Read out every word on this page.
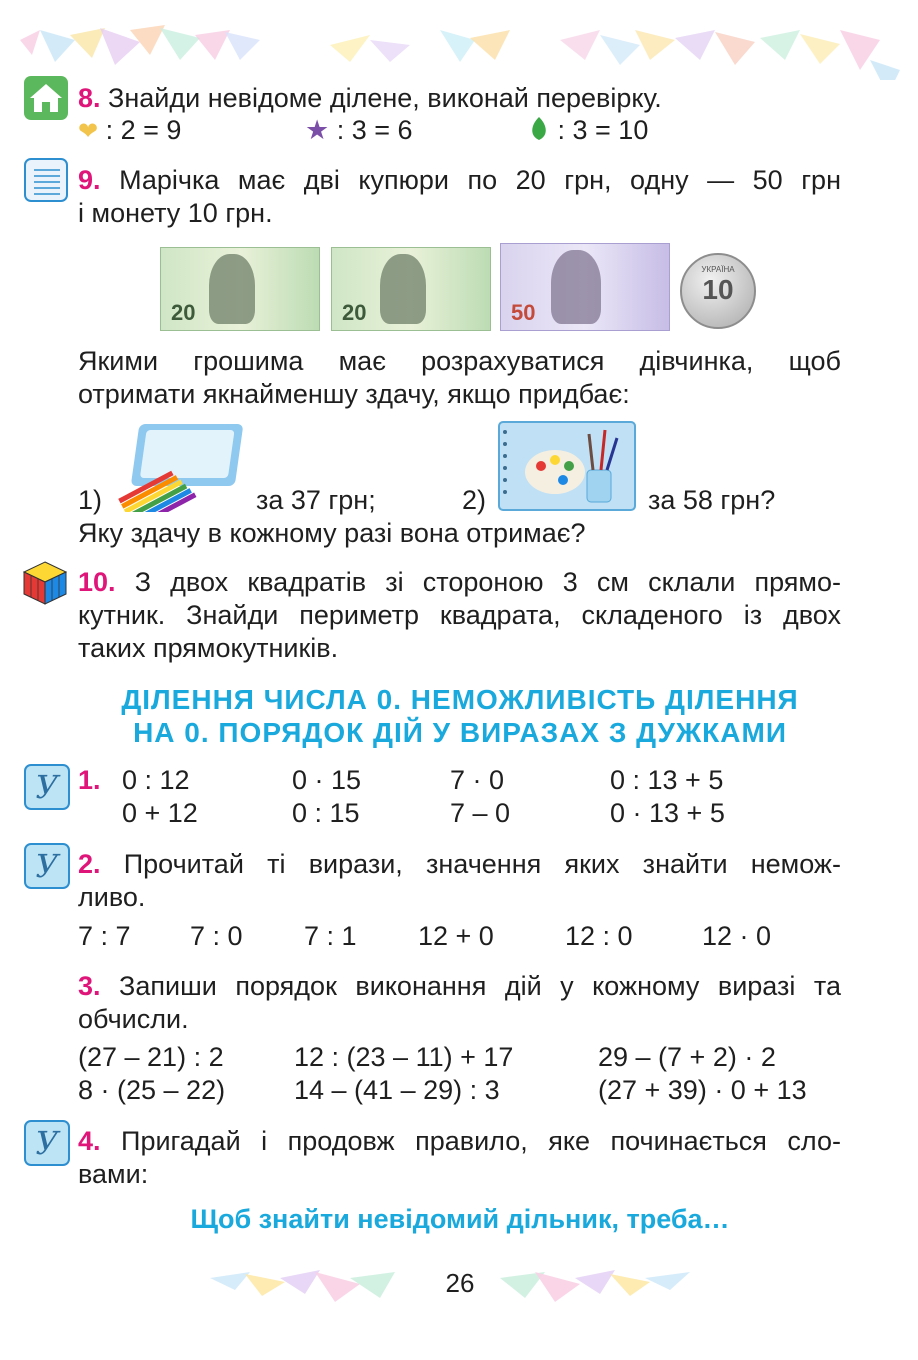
8. Знайди невідоме ділене, виконай перевірку.
❤ : 2 = 9	★ : 3 = 6	: 3 = 10
9. Марічка має дві купюри по 20 грн, одну — 50 грн
і монету 10 грн.
20	20	50
УКРАЇНА
10
Якими грошима має розрахуватися дівчинка, щоб
отримати якнайменшу здачу, якщо придбає:
1)	за 37 грн;	2)	за 58 грн?
Яку здачу в кожному разі вона отримає?
10. З двох квадратів зі стороною 3 см склали прямо-
кутник. Знайди периметр квадрата, складеного із двох
таких прямокутників.
ДІЛЕННЯ ЧИСЛА 0. НЕМОЖЛИВІСТЬ ДІЛЕННЯ
НА 0. ПОРЯДОК ДІЙ У ВИРАЗАХ З ДУЖКАМИ
У 1. 0 : 12	0 · 15	7 · 0	0 : 13 + 5
0 + 12	0 : 15	7 – 0	0 · 13 + 5
У 2. Прочитай ті вирази, значення яких знайти немож-
ливо.
7 : 7 7 : 0 7 : 1 12 + 0	12 : 0	12 · 0
3. Запиши порядок виконання дій у кожному виразі та
обчисли.
(27 – 21) : 2	12 : (23 – 11) + 17	29 – (7 + 2) · 2
8 · (25 – 22)	14 – (41 – 29) : 3	(27 + 39) · 0 + 13
У 4. Пригадай і продовж правило, яке починається сло-
вами:
Щоб знайти невідомий дільник, треба…
26
